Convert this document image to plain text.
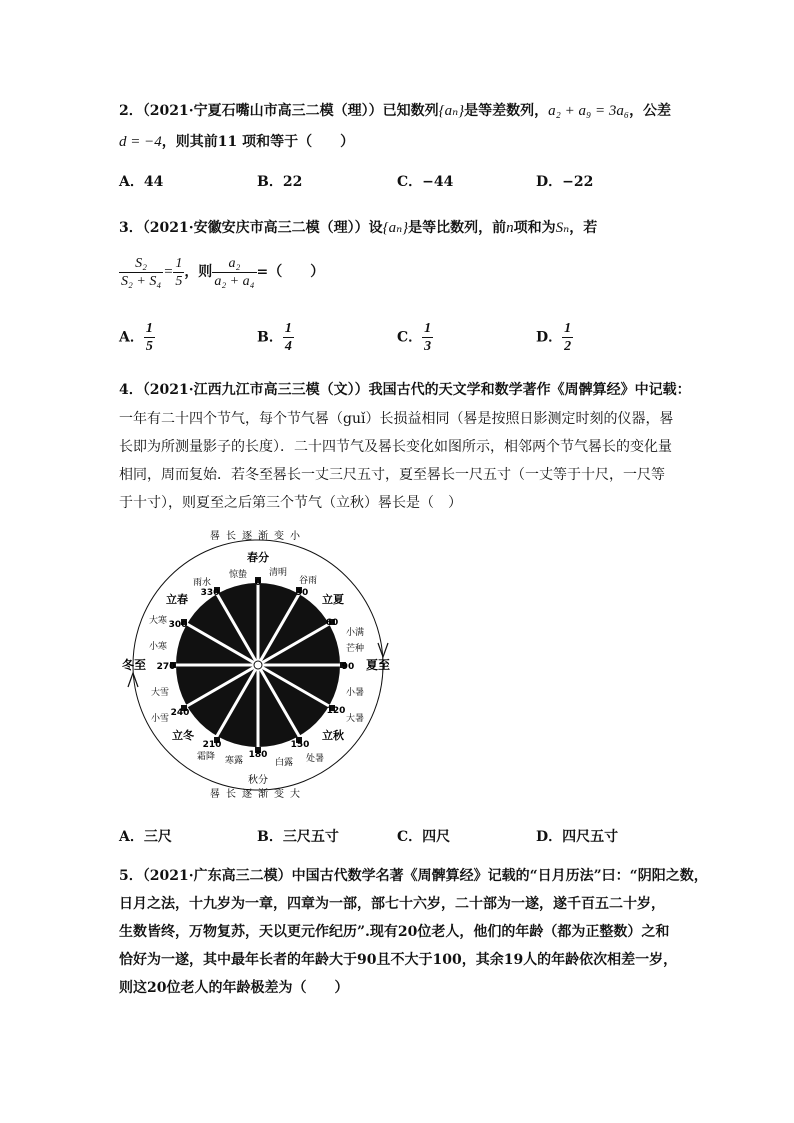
2．（2021·宁夏石嘴山市高三二模（理））已知数列{aₙ}是等差数列，a₂ + a₉ = 3a₆，公差
d = −4，则其前11 项和等于（　　）
A．44	B．22	C．−44	D．−22
3．（2021·安徽安庆市高三二模（理））设{aₙ}是等比数列，前n项和为Sₙ，若
$\frac{\text{S₂}}{\text{S₂ + S₄}} = \frac{1}{5}$ ，则 $\frac{\text{a₂}}{\text{a₂ + a₄}}$ =（　　）
A． $\frac{1}{5}$	B． $\frac{1}{4}$	C． $\frac{1}{3}$	D． $\frac{1}{2}$
4．（2021·江西九江市高三三模（文））我国古代的天文学和数学著作《周髀算经》中记载：
一年有二十四个节气，每个节气晷（guǐ）长损益相同（晷是按照日影测定时刻的仪器，晷
长即为所测量影子的长度）．二十四节气及晷长变化如图所示，相邻两个节气晷长的变化量
相同，周而复始．若冬至晷长一丈三尺五寸，夏至晷长一尺五寸（一丈等于十尺，一尺等
于十寸），则夏至之后第三个节气（立秋）晷长是（　）
晷长逐渐变小
晷长逐渐变大
春分
秋分
冬至	夏至
立夏
立秋
立冬
立春
0
30
60
90
120
150
180
210
240
270
300
330
惊蛰 清明
谷雨
小满
芒种
小暑
大暑
处暑
白露
寒露
霜降
小雪
大雪
小寒
大寒
雨水
A．三尺	B．三尺五寸	C．四尺	D．四尺五寸
5．（2021·广东高三二模）中国古代数学名著《周髀算经》记载的“日月历法”曰：“阴阳之数，
日月之法，十九岁为一章，四章为一部，部七十六岁，二十部为一遂，遂千百五二十岁，
生数皆终，万物复苏，天以更元作纪历”.现有20位老人，他们的年龄（都为正整数）之和
恰好为一遂，其中最年长者的年龄大于90且不大于100，其余19人的年龄依次相差一岁，
则这20位老人的年龄极差为（　　）
